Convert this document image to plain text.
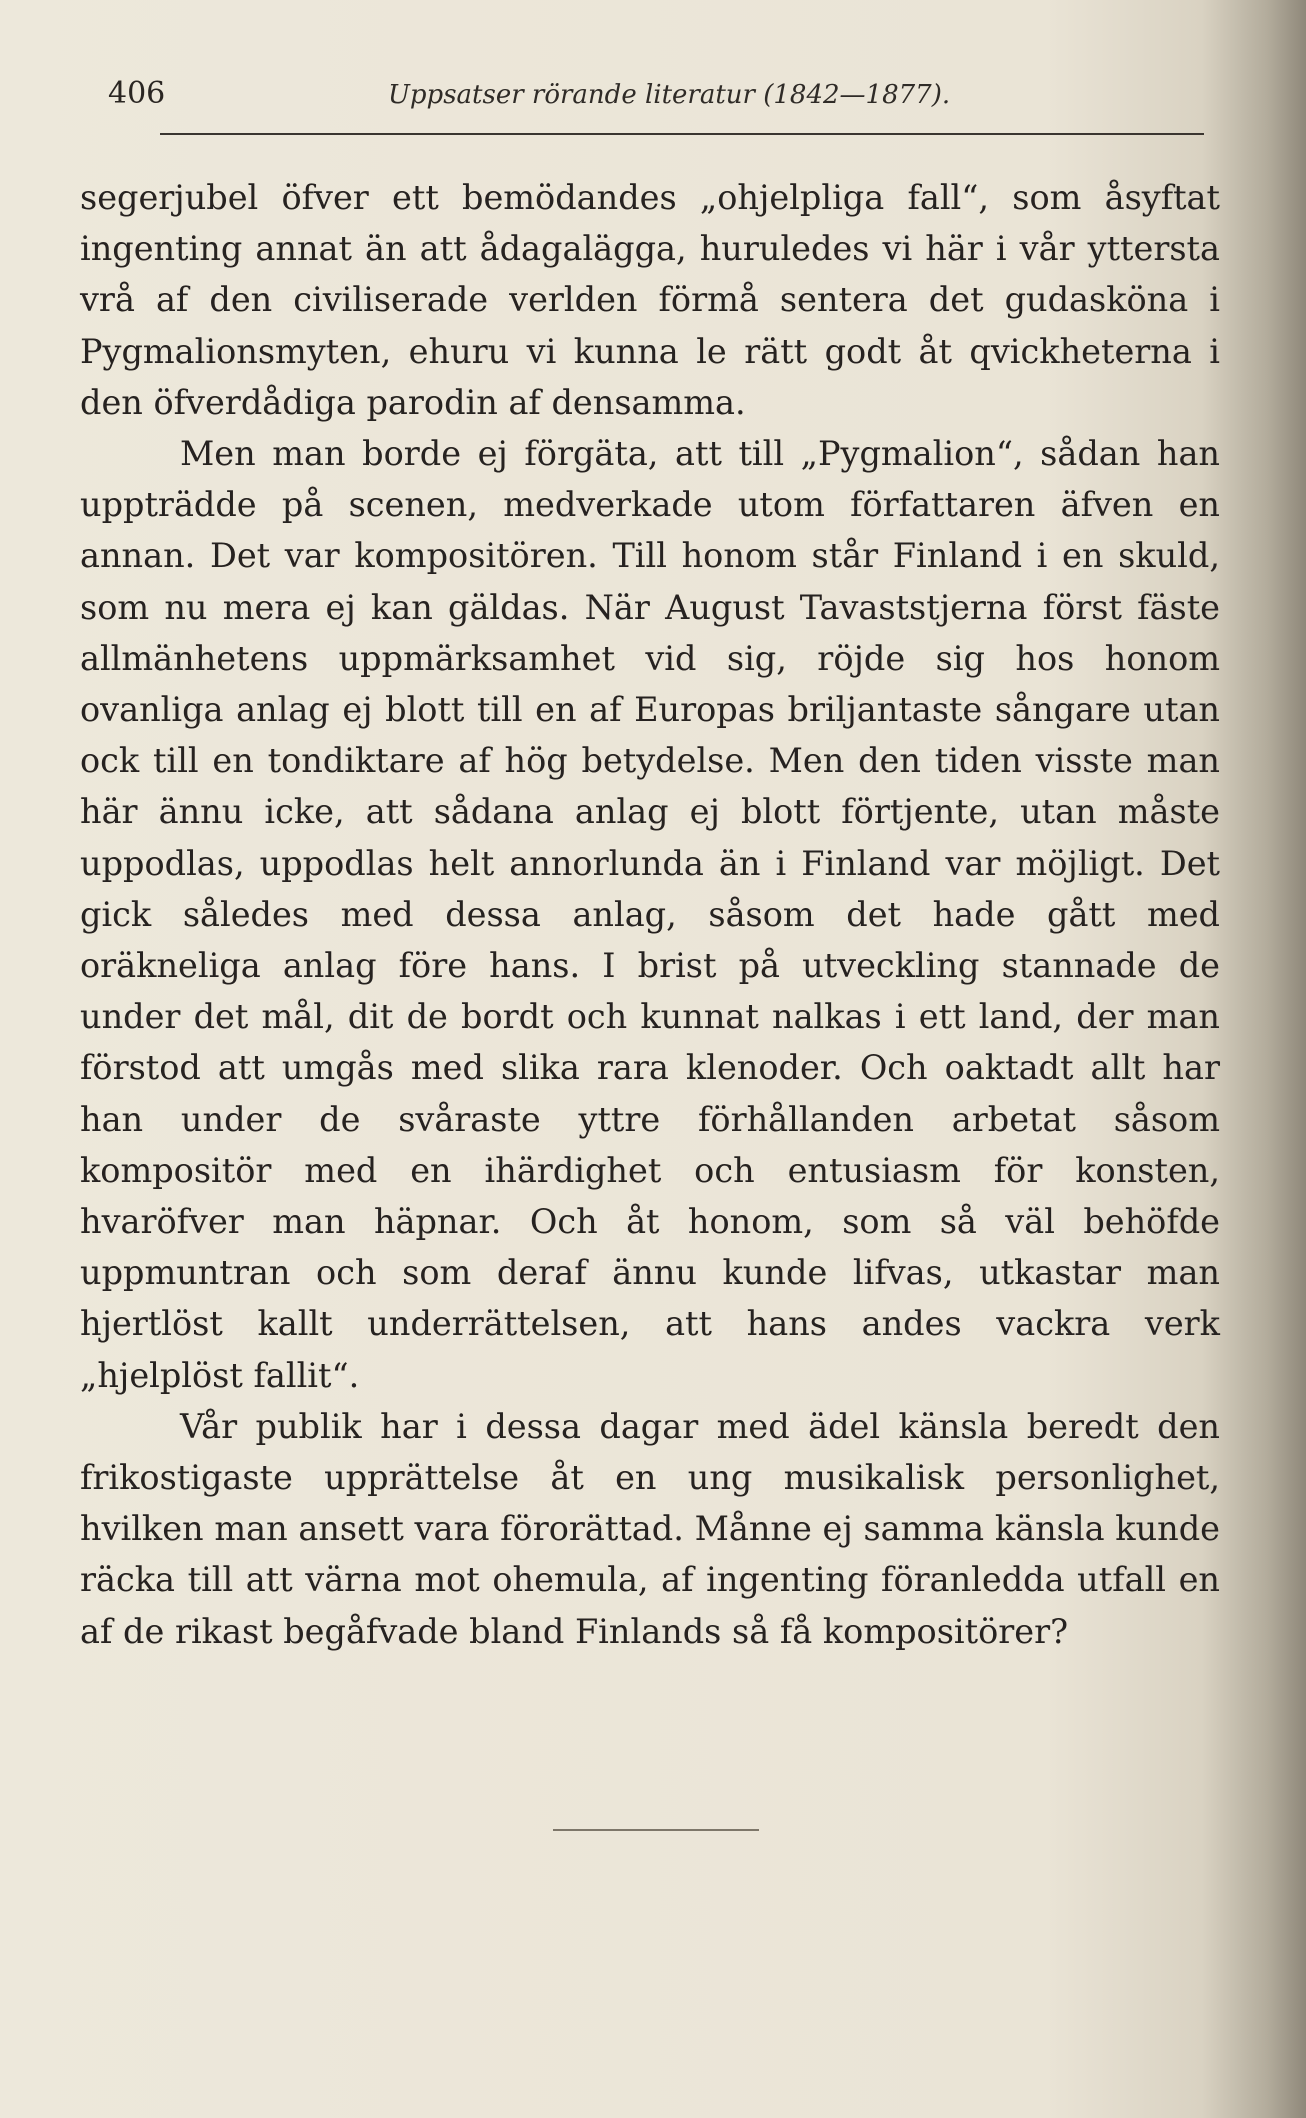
406	Uppsatser rörande literatur (1842—1877).

segerjubel öfver ett bemödandes „ohjelpliga fall“, som åsyftat ingenting annat än att ådagalägga, huruledes vi här i vår yttersta vrå af den civiliserade verlden förmå sentera det gudasköna i Pygmalionsmyten, ehuru vi kunna le rätt godt åt qvickheterna i den öfverdådiga parodin af densamma.

Men man borde ej förgäta, att till „Pygmalion“, sådan han uppträdde på scenen, medverkade utom författaren äfven en annan. Det var kompositören. Till honom står Finland i en skuld, som nu mera ej kan gäldas. När August Tavaststjerna först fäste allmänhetens uppmärksamhet vid sig, röjde sig hos honom ovanliga anlag ej blott till en af Europas briljantaste sångare utan ock till en tondiktare af hög betydelse. Men den tiden visste man här ännu icke, att sådana anlag ej blott förtjente, utan måste uppodlas, uppodlas helt annorlunda än i Finland var möjligt. Det gick således med dessa anlag, såsom det hade gått med oräkneliga anlag före hans. I brist på utveckling stannade de under det mål, dit de bordt och kunnat nalkas i ett land, der man förstod att umgås med slika rara klenoder. Och oaktadt allt har han under de svåraste yttre förhållanden arbetat såsom kompositör med en ihärdighet och entusiasm för konsten, hvaröfver man häpnar. Och åt honom, som så väl behöfde uppmuntran och som deraf ännu kunde lifvas, utkastar man hjertlöst kallt underrättelsen, att hans andes vackra verk „hjelplöst fallit“.

Vår publik har i dessa dagar med ädel känsla beredt den frikostigaste upprättelse åt en ung musikalisk personlighet, hvilken man ansett vara förorättad. Månne ej samma känsla kunde räcka till att värna mot ohemula, af ingenting föranledda utfall en af de rikast begåfvade bland Finlands så få kompositörer?
